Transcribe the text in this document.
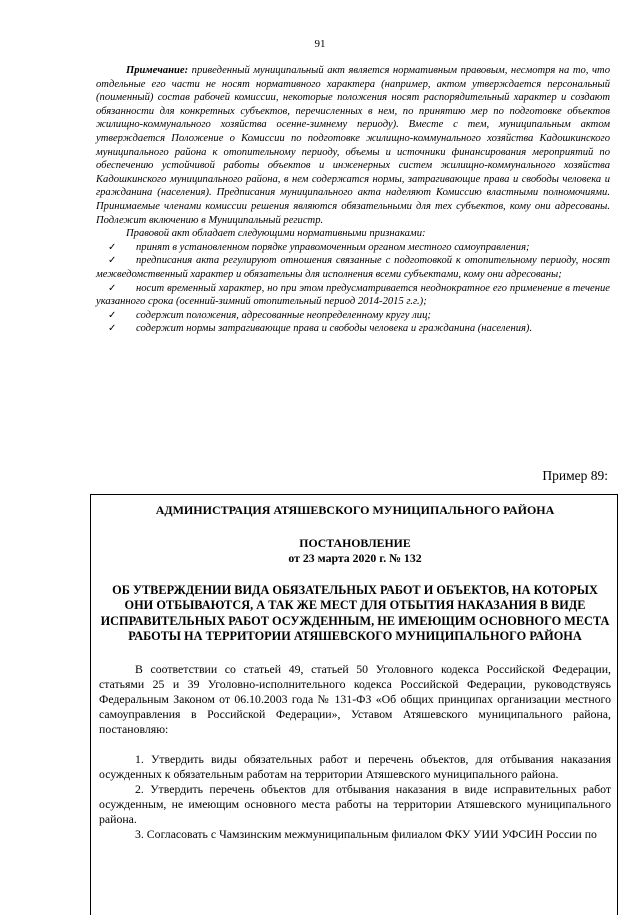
91

Примечание: приведенный муниципальный акт является нормативным правовым, несмотря на то, что отдельные его части не носят нормативного характера (например, актом утверждается персональный (поименный) состав рабочей комиссии, некоторые положения носят распорядительный характер и создают обязанности для конкретных субъектов, перечисленных в нем, по принятию мер по подготовке объектов жилищно-коммунального хозяйства осенне-зимнему периоду). Вместе с тем, муниципальным актом утверждается Положение о Комиссии по подготовке жилищно-коммунального хозяйства Кадошкинского муниципального района к отопительному периоду, объемы и источники финансирования мероприятий по обеспечению устойчивой работы объектов и инженерных систем жилищно-коммунального хозяйства Кадошкинского муниципального района, в нем содержатся нормы, затрагивающие права и свободы человека и гражданина (населения). Предписания муниципального акта наделяют Комиссию властными полномочиями. Принимаемые членами комиссии решения являются обязательными для тех субъектов, кому они адресованы. Подлежит включению в Муниципальный регистр.

Правовой акт обладает следующими нормативными признаками:

✓	принят в установленном порядке управомоченным органом местного самоуправления;
✓	предписания акта регулируют отношения связанные с подготовкой к отопительному периоду, носят межведомственный характер и обязательны для исполнения всеми субъектами, кому они адресованы;
✓	носит временный характер, но при этом предусматривается неоднократное его применение в течение указанного срока (осенний-зимний отопительный период 2014-2015 г.г.);
✓	содержит положения, адресованные неопределенному кругу лиц;
✓	содержит нормы затрагивающие права и свободы человека и гражданина (населения).
Пример 89:

АДМИНИСТРАЦИЯ АТЯШЕВСКОГО МУНИЦИПАЛЬНОГО РАЙОНА

ПОСТАНОВЛЕНИЕ

от 23 марта 2020 г. № 132

ОБ УТВЕРЖДЕНИИ ВИДА ОБЯЗАТЕЛЬНЫХ РАБОТ И ОБЪЕКТОВ, НА КОТОРЫХ ОНИ ОТБЫВАЮТСЯ, А ТАК ЖЕ МЕСТ ДЛЯ ОТБЫТИЯ НАКАЗАНИЯ В ВИДЕ ИСПРАВИТЕЛЬНЫХ РАБОТ ОСУЖДЕННЫМ, НЕ ИМЕЮЩИМ ОСНОВНОГО МЕСТА РАБОТЫ НА ТЕРРИТОРИИ АТЯШЕВСКОГО МУНИЦИПАЛЬНОГО РАЙОНА

В соответствии со статьей 49, статьей 50 Уголовного кодекса Российской Федерации, статьями 25 и 39 Уголовно-исполнительного кодекса Российской Федерации, руководствуясь Федеральным Законом от 06.10.2003 года № 131-ФЗ «Об общих принципах организации местного самоуправления в Российской Федерации», Уставом Атяшевского муниципального района, постановляю:

1. Утвердить виды обязательных работ и перечень объектов, для отбывания наказания осужденных к обязательным работам на территории Атяшевского муниципального района.

2. Утвердить перечень объектов для отбывания наказания в виде исправительных работ осужденным, не имеющим основного места работы на территории Атяшевского муниципального района.

3. Согласовать с Чамзинским межмуниципальным филиалом ФКУ УИИ УФСИН России по
